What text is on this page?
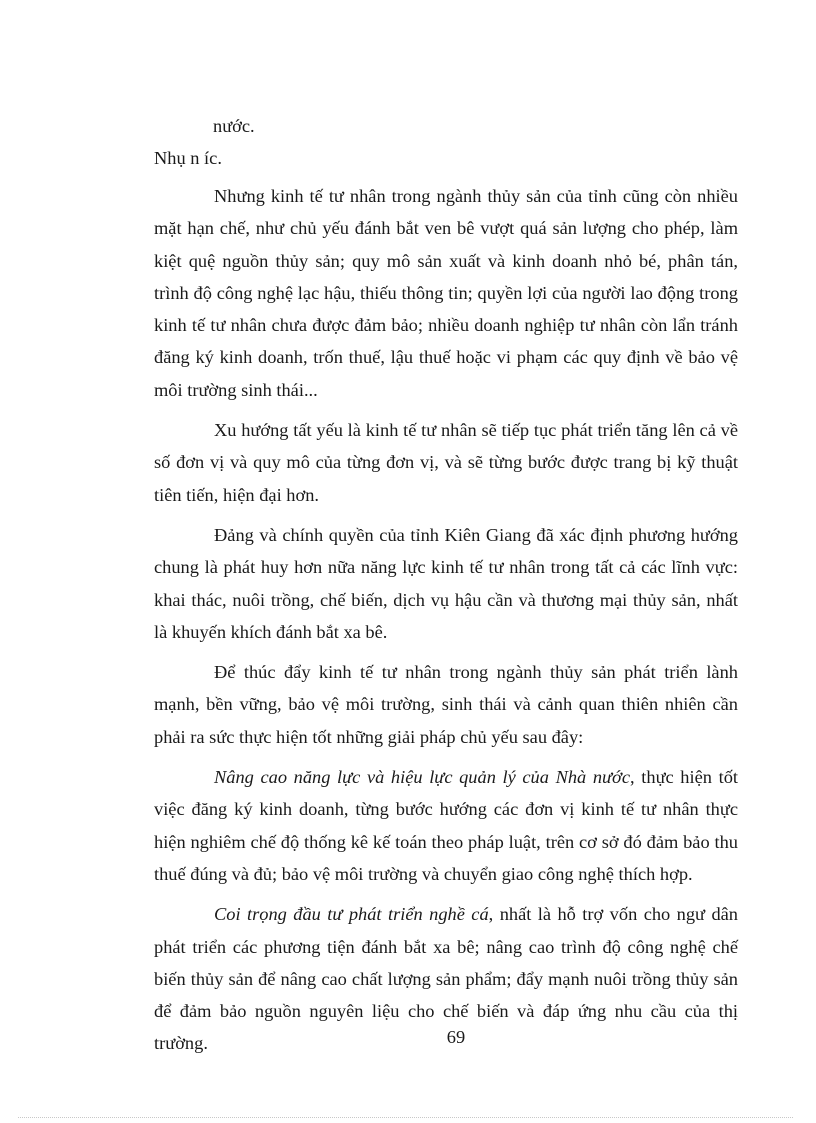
nước.
Nhụ n íc.

Nhưng kinh tế tư nhân trong ngành thủy sản của tỉnh cũng còn nhiều mặt hạn chế, như chủ yếu đánh bắt ven bê vượt quá sản lượng cho phép, làm kiệt quệ nguồn thủy sản; quy mô sản xuất và kinh doanh nhỏ bé, phân tán, trình độ công nghệ lạc hậu, thiếu thông tin; quyền lợi của người lao động trong kinh tế tư nhân chưa được đảm bảo; nhiều doanh nghiệp tư nhân còn lẩn tránh đăng ký kinh doanh, trốn thuế, lậu thuế hoặc vi phạm các quy định về bảo vệ môi trường sinh thái...

Xu hướng tất yếu là kinh tế tư nhân sẽ tiếp tục phát triển tăng lên cả về số đơn vị và quy mô của từng đơn vị, và sẽ từng bước được trang bị kỹ thuật tiên tiến, hiện đại hơn.

Đảng và chính quyền của tỉnh Kiên Giang đã xác định phương hướng chung là phát huy hơn nữa năng lực kinh tế tư nhân trong tất cả các lĩnh vực: khai thác, nuôi trồng, chế biến, dịch vụ hậu cần và thương mại thủy sản, nhất là khuyến khích đánh bắt xa bê.

Để thúc đẩy kinh tế tư nhân trong ngành thủy sản phát triển lành mạnh, bền vững, bảo vệ môi trường, sinh thái và cảnh quan thiên nhiên cần phải ra sức thực hiện tốt những giải pháp chủ yếu sau đây:

Nâng cao năng lực và hiệu lực quản lý của Nhà nước, thực hiện tốt việc đăng ký kinh doanh, từng bước hướng các đơn vị kinh tế tư nhân thực hiện nghiêm chế độ thống kê kế toán theo pháp luật, trên cơ sở đó đảm bảo thu thuế đúng và đủ; bảo vệ môi trường và chuyển giao công nghệ thích hợp.

Coi trọng đầu tư phát triển nghề cá, nhất là hỗ trợ vốn cho ngư dân phát triển các phương tiện đánh bắt xa bê; nâng cao trình độ công nghệ chế biến thủy sản để nâng cao chất lượng sản phẩm; đẩy mạnh nuôi trồng thủy sản để đảm bảo nguồn nguyên liệu cho chế biến và đáp ứng nhu cầu của thị trường.	69
